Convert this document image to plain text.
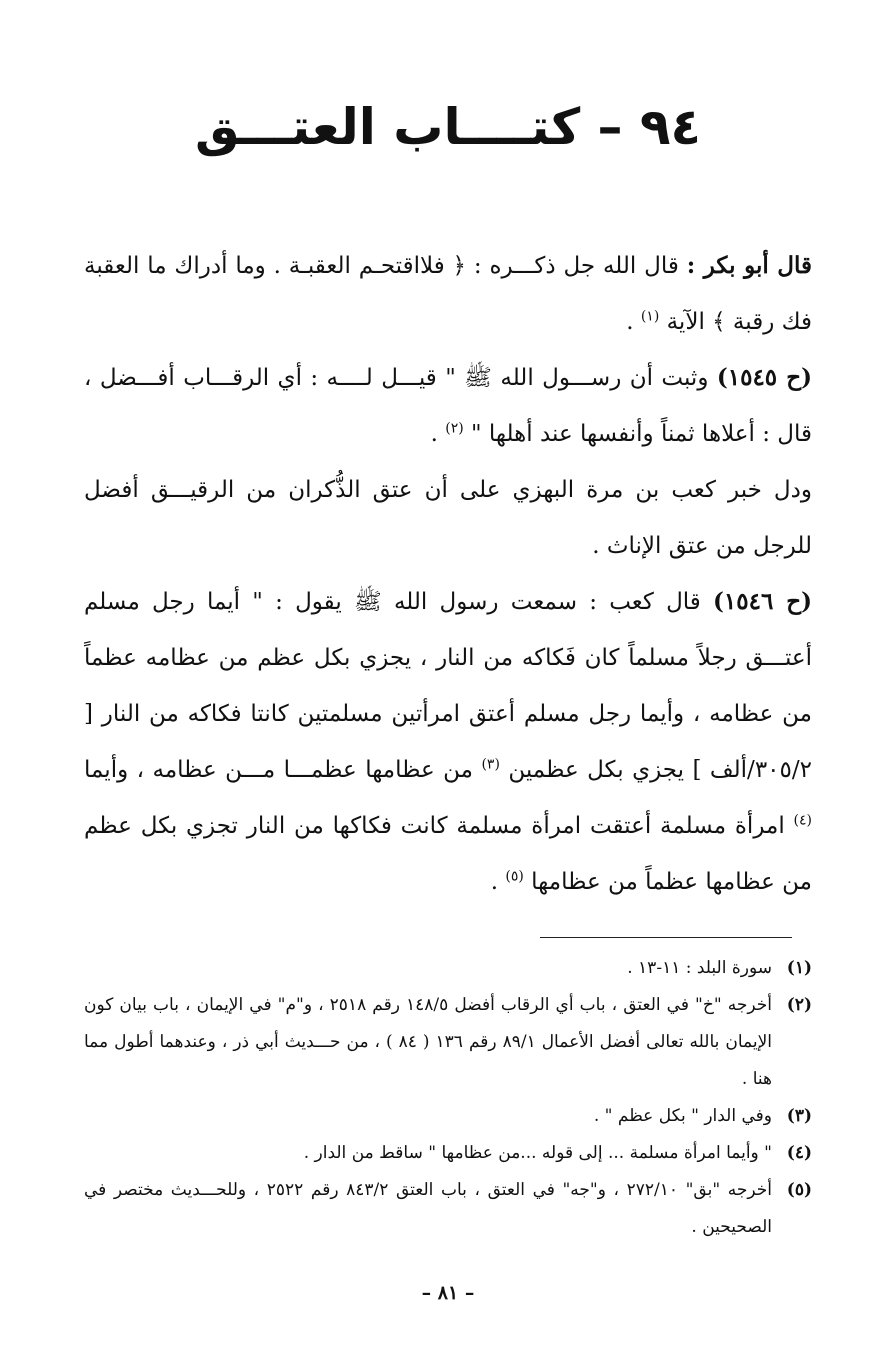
٩٤ – كتــــاب العتـــق

قال أبو بكر : قال الله جل ذكـــره : ﴿ فلااقتحـم العقبـة . وما أدراك ما العقبة فك رقبة ﴾ الآية $^{(١)}$ .

(ح ١٥٤٥) وثبت أن رســـول الله ﷺ " قيـــل لــــه : أي الرقـــاب أفـــضل ، قال : أعلاها ثمناً وأنفسها عند أهلها " $^{(٢)}$ .

ودل خبر كعب بن مرة البهزي على أن عتق الذُّكران من الرقيـــق أفضل للرجل من عتق الإناث .

(ح ١٥٤٦) قال كعب : سمعت رسول الله ﷺ يقول : " أيما رجل مسلم أعتـــق رجلاً مسلماً كان فَكاكه من النار ، يجزي بكل عظم من عظامه عظماً من عظامه ، وأيما رجل مسلم أعتق امرأتين مسلمتين كانتا فكاكه من النار [ ٣٠٥/٢/ألف ] يجزي بكل عظمين $^{(٣)}$ من عظامها عظمـــا مـــن عظامه ، وأيما $^{(٤)}$ امرأة مسلمة أعتقت امرأة مسلمة كانت فكاكها من النار تجزي بكل عظم من عظامها عظماً من عظامها $^{(٥)}$ .

(١)
سورة البلد : ١١-١٣ .
(٢)
أخرجه "خ" في العتق ، باب أي الرقاب أفضل ١٤٨/٥ رقم ٢٥١٨ ، و"م" في الإيمان ، باب بيان كون الإيمان بالله تعالى أفضل الأعمال ٨٩/١ رقم ١٣٦ ( ٨٤ ) ، من حـــديث أبي ذر ، وعندهما أطول مما هنا .
(٣)
وفي الدار " بكل عظم " .
(٤)
" وأيما امرأة مسلمة ... إلى قوله ...من عظامها " ساقط من الدار .
(٥)
أخرجه "بق" ٢٧٢/١٠ ، و"جه" في العتق ، باب العتق ٨٤٣/٢ رقم ٢٥٢٢ ، وللحـــديث مختصر في الصحيحين .
– ٨١ –
